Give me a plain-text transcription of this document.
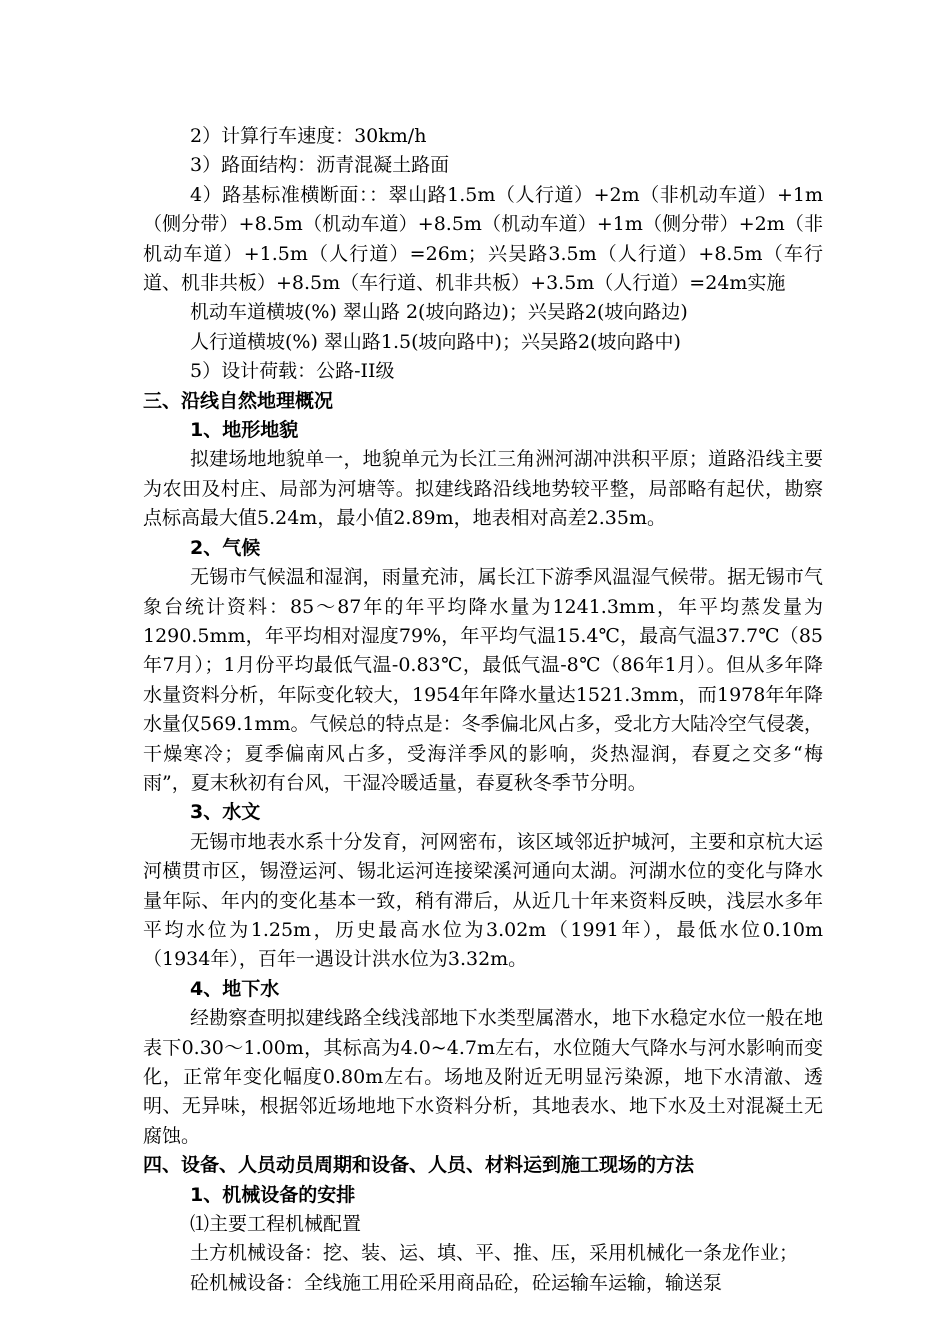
2）计算行车速度：30km/h

3）路面结构：沥青混凝土路面

4）路基标准横断面：：翠山路1.5m（人行道）+2m（非机动车道）+1m（侧分带）+8.5m（机动车道）+8.5m（机动车道）+1m（侧分带）+2m（非机动车道）+1.5m（人行道）=26m；兴吴路3.5m（人行道）+8.5m（车行道、机非共板）+8.5m（车行道、机非共板）+3.5m（人行道）=24m实施

机动车道横坡(%) 翠山路 2(坡向路边)；兴吴路2(坡向路边)

人行道横坡(%) 翠山路1.5(坡向路中)；兴吴路2(坡向路中)

5）设计荷载：公路-II级

三、沿线自然地理概况

1、地形地貌

拟建场地地貌单一，地貌单元为长江三角洲河湖冲洪积平原；道路沿线主要为农田及村庄、局部为河塘等。拟建线路沿线地势较平整，局部略有起伏，勘察点标高最大值5.24m，最小值2.89m，地表相对高差2.35m。

2、气候

无锡市气候温和湿润，雨量充沛，属长江下游季风温湿气候带。据无锡市气象台统计资料：85～87年的年平均降水量为1241.3mm，年平均蒸发量为1290.5mm，年平均相对湿度79%，年平均气温15.4℃，最高气温37.7℃（85年7月）；1月份平均最低气温-0.83℃，最低气温-8℃（86年1月）。但从多年降水量资料分析，年际变化较大，1954年年降水量达1521.3mm，而1978年年降水量仅569.1mm。气候总的特点是：冬季偏北风占多，受北方大陆冷空气侵袭，干燥寒冷；夏季偏南风占多，受海洋季风的影响，炎热湿润，春夏之交多“梅雨”，夏末秋初有台风，干湿冷暖适量，春夏秋冬季节分明。

3、水文

无锡市地表水系十分发育，河网密布，该区域邻近护城河，主要和京杭大运河横贯市区，锡澄运河、锡北运河连接梁溪河通向太湖。河湖水位的变化与降水量年际、年内的变化基本一致，稍有滞后，从近几十年来资料反映，浅层水多年平均水位为1.25m，历史最高水位为3.02m（1991年），最低水位0.10m（1934年），百年一遇设计洪水位为3.32m。

4、地下水

经勘察查明拟建线路全线浅部地下水类型属潜水，地下水稳定水位一般在地表下0.30～1.00m，其标高为4.0~4.7m左右，水位随大气降水与河水影响而变化，正常年变化幅度0.80m左右。场地及附近无明显污染源，地下水清澈、透明、无异味，根据邻近场地地下水资料分析，其地表水、地下水及土对混凝土无腐蚀。

四、设备、人员动员周期和设备、人员、材料运到施工现场的方法

1、机械设备的安排

⑴主要工程机械配置

土方机械设备：挖、装、运、填、平、推、压，采用机械化一条龙作业；

砼机械设备：全线施工用砼采用商品砼，砼运输车运输，输送泵
